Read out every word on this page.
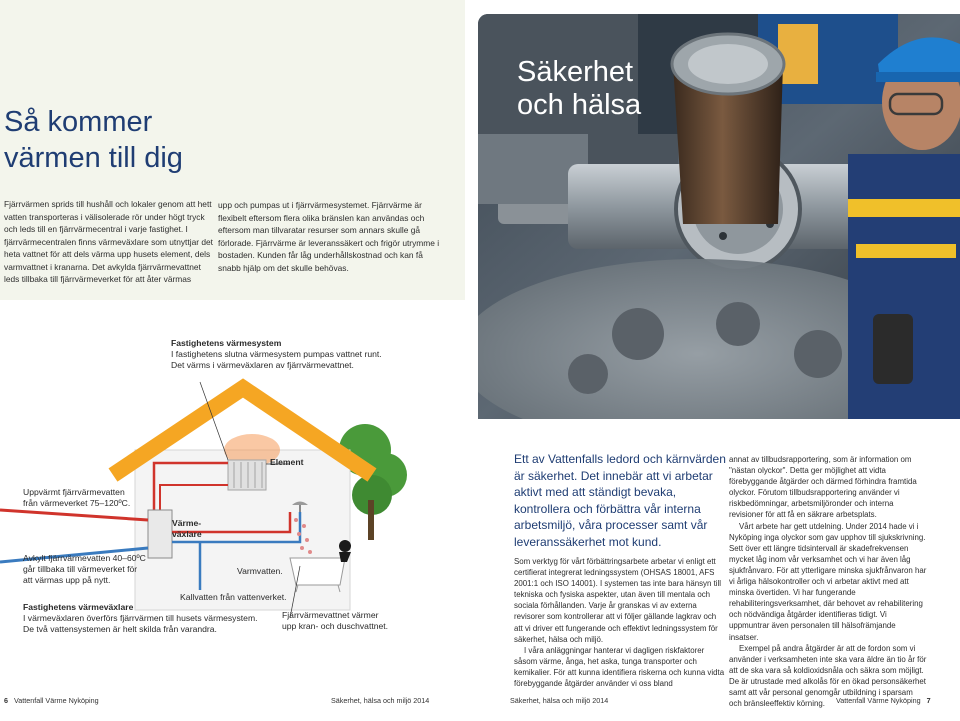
Så kommer
värmen till dig
Fjärrvärmen sprids till hushåll och lokaler genom att hett vatten transporteras i välisolerade rör under högt tryck och leds till en fjärrvärmecentral i varje fastighet. I fjärrvärmecentralen finns värmeväxlare som utnyttjar det heta vattnet för att dels värma upp husets element, dels varmvattnet i kranarna. Det avkylda fjärrvärmevattnet leds tillbaka till fjärrvärmeverket för att åter värmas
upp och pumpas ut i fjärrvärmesystemet. Fjärrvärme är flexibelt eftersom flera olika bränslen kan användas och eftersom man tillvaratar resurser som annars skulle gå förlorade. Fjärrvärme är leveranssäkert och frigör utrymme i bostaden. Kunden får låg underhållskostnad och kan få snabb hjälp om det skulle behövas.
Säkerhet
och hälsa
Fastighetens värmesystem
I fastighetens slutna värmesystem pumpas vattnet runt.
Det värms i värmeväxlaren av fjärrvärmevattnet.
Element
Uppvärmt fjärrvärmevatten
från värmeverket 75–120ºC.
Värme-
växlare
Avkylt fjärrvärmevatten 40–60ºC
går tillbaka till värmeverket för
att värmas upp på nytt.
Varmvatten.
Kallvatten från vattenverket.
Fastighetens värmeväxlare
I värmeväxlaren överförs fjärrvärmen till husets värmesystem.
De två vattensystemen är helt skilda från varandra.
Fjärrvärmevattnet värmer
upp kran- och duschvattnet.
Ett av Vattenfalls ledord och kärnvärden är säkerhet. Det innebär att vi arbetar aktivt med att ständigt bevaka, kontrollera och förbättra vår interna arbetsmiljö, våra processer samt vår leveranssäkerhet mot kund.

Som verktyg för vårt förbättringsarbete arbetar vi enligt ett certifierat integrerat ledningssystem (OHSAS 18001, AFS 2001:1 och ISO 14001). I systemen tas inte bara hänsyn till tekniska och fysiska aspekter, utan även till mentala och sociala förhållanden. Varje år granskas vi av externa revisorer som kontrollerar att vi följer gällande lagkrav och att vi driver ett fungerande och effektivt ledningssystem för säkerhet, hälsa och miljö.

I våra anläggningar hanterar vi dagligen riskfaktorer såsom värme, ånga, het aska, tunga transporter och kemikalier. För att kunna identifiera riskerna och kunna vidta förebyggande åtgärder använder vi oss bland

annat av tillbudsrapportering, som är information om "nästan olyckor". Detta ger möjlighet att vidta förebyggande åtgärder och därmed förhindra framtida olyckor. Förutom tillbudsrapportering använder vi riskbedömningar, arbetsmiljöronder och interna revisioner för att få en säkrare arbetsplats.

Vårt arbete har gett utdelning. Under 2014 hade vi i Nyköping inga olyckor som gav upphov till sjukskrivning. Sett över ett längre tidsintervall är skadefrekvensen mycket låg inom vår verksamhet och vi har även låg sjukfrånvaro. För att ytterligare minska sjukfrånvaron har vi årliga hälsokontroller och vi arbetar aktivt med att minska övertiden. Vi har fungerande rehabiliteringsverksamhet, där behovet av rehabilitering och nödvändiga åtgärder identifieras tidigt. Vi uppmuntrar även personalen till hälsofrämjande insatser.

Exempel på andra åtgärder är att de fordon som vi använder i verksamheten inte ska vara äldre än tio år för att de ska vara så koldioxidsnåla och säkra som möjligt. De är utrustade med alkolås för en ökad personsäkerhet samt att vår personal genomgår utbildning i sparsam och bränsleeffektiv körning.

6 Vattenfall Värme Nyköping	Säkerhet, hälsa och miljö 2014	Säkerhet, hälsa och miljö 2014	Vattenfall Värme Nyköping 7
